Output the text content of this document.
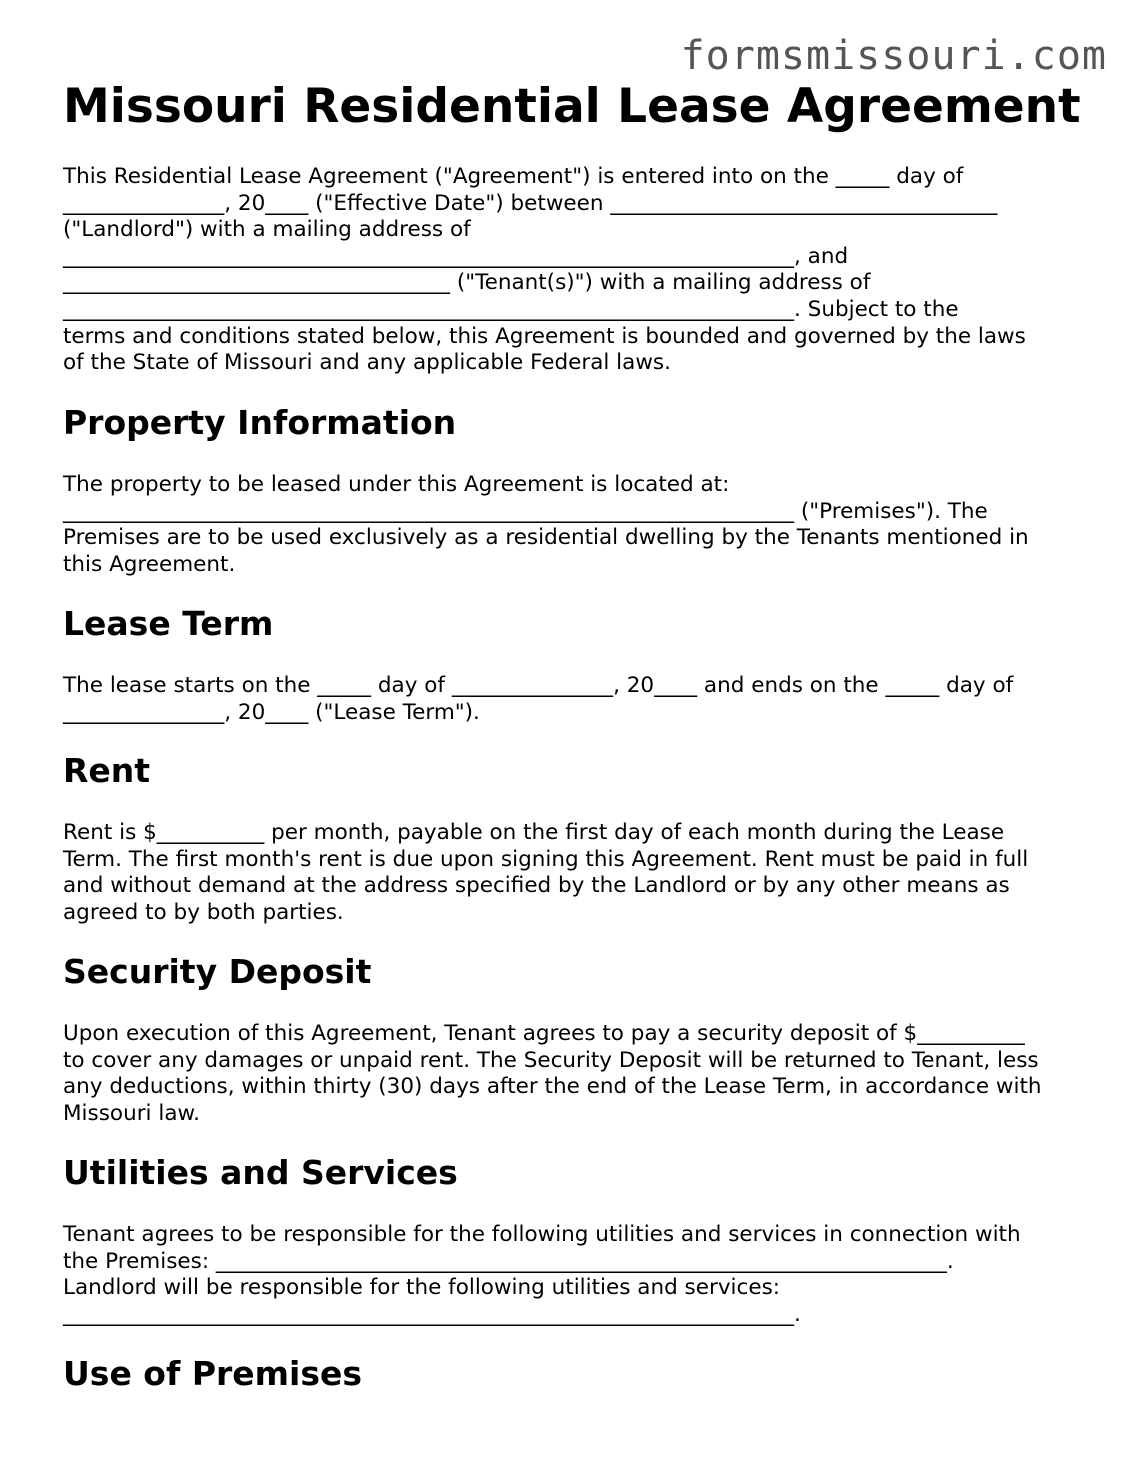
formsmissouri.com
Missouri Residential Lease Agreement

This Residential Lease Agreement ("Agreement") is entered into on the _____ day of
_______________, 20____ ("Effective Date") between ____________________________________
("Landlord") with a mailing address of
____________________________________________________________________, and
____________________________________ ("Tenant(s)") with a mailing address of
____________________________________________________________________. Subject to the
terms and conditions stated below, this Agreement is bounded and governed by the laws
of the State of Missouri and any applicable Federal laws.

Property Information

The property to be leased under this Agreement is located at:
____________________________________________________________________ ("Premises"). The
Premises are to be used exclusively as a residential dwelling by the Tenants mentioned in
this Agreement.

Lease Term

The lease starts on the _____ day of _______________, 20____ and ends on the _____ day of
_______________, 20____ ("Lease Term").

Rent

Rent is $__________ per month, payable on the first day of each month during the Lease
Term. The first month's rent is due upon signing this Agreement. Rent must be paid in full
and without demand at the address specified by the Landlord or by any other means as
agreed to by both parties.

Security Deposit

Upon execution of this Agreement, Tenant agrees to pay a security deposit of $__________
to cover any damages or unpaid rent. The Security Deposit will be returned to Tenant, less
any deductions, within thirty (30) days after the end of the Lease Term, in accordance with
Missouri law.

Utilities and Services

Tenant agrees to be responsible for the following utilities and services in connection with
the Premises: ____________________________________________________________________.
Landlord will be responsible for the following utilities and services:
____________________________________________________________________.

Use of Premises
